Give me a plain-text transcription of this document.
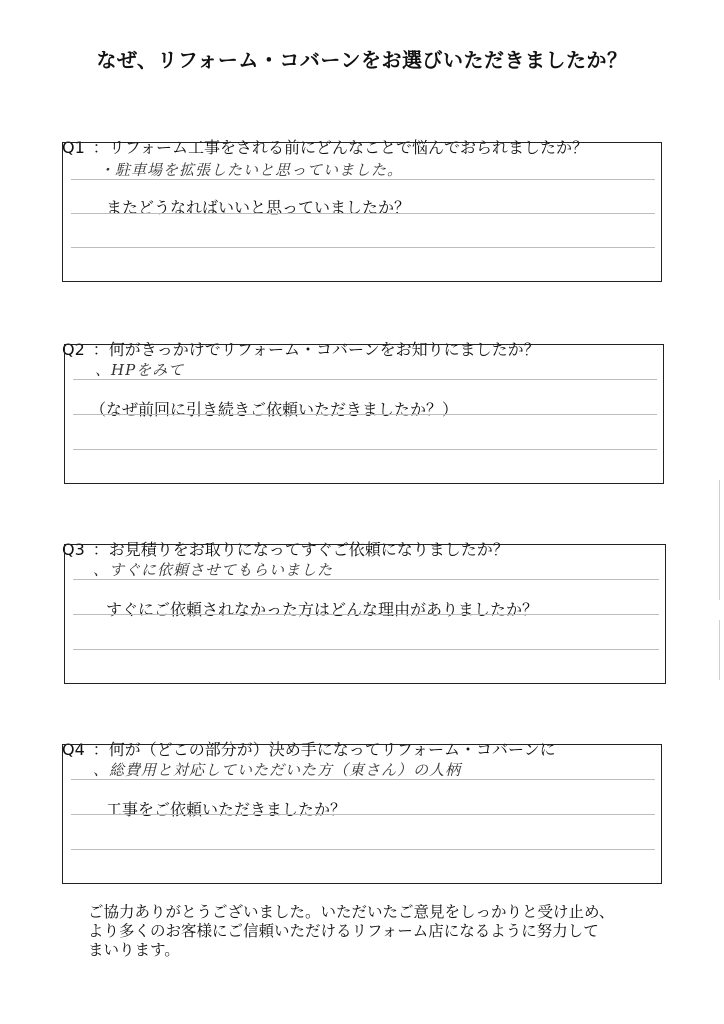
なぜ、リフォーム・コバーンをお選びいただきましたか？

Q1  ：リフォーム工事をされる前にどんなことで悩んでおられましたか？

　またどうなればいいと思っていましたか？

・駐車場を拡張したいと思っていました。

Q2  ：何がきっかけでリフォーム・コバーンをお知りにましたか？

（なぜ前回に引き続きご依頼いただきましたか？）

、HPをみて

Q3  ：お見積りをお取りになってすぐご依頼になりましたか？

　すぐにご依頼されなかった方はどんな理由がありましたか？

、すぐに依頼させてもらいました

Q4  ：何が（どこの部分が）決め手になってリフォーム・コバーンに

　工事をご依頼いただきましたか？

、総費用と対応していただいた方（東さん）の人柄
ご協力ありがとうございました。いただいたご意見をしっかりと受け止め、
より多くのお客様にご信頼いただけるリフォーム店になるように努力して
まいります。
